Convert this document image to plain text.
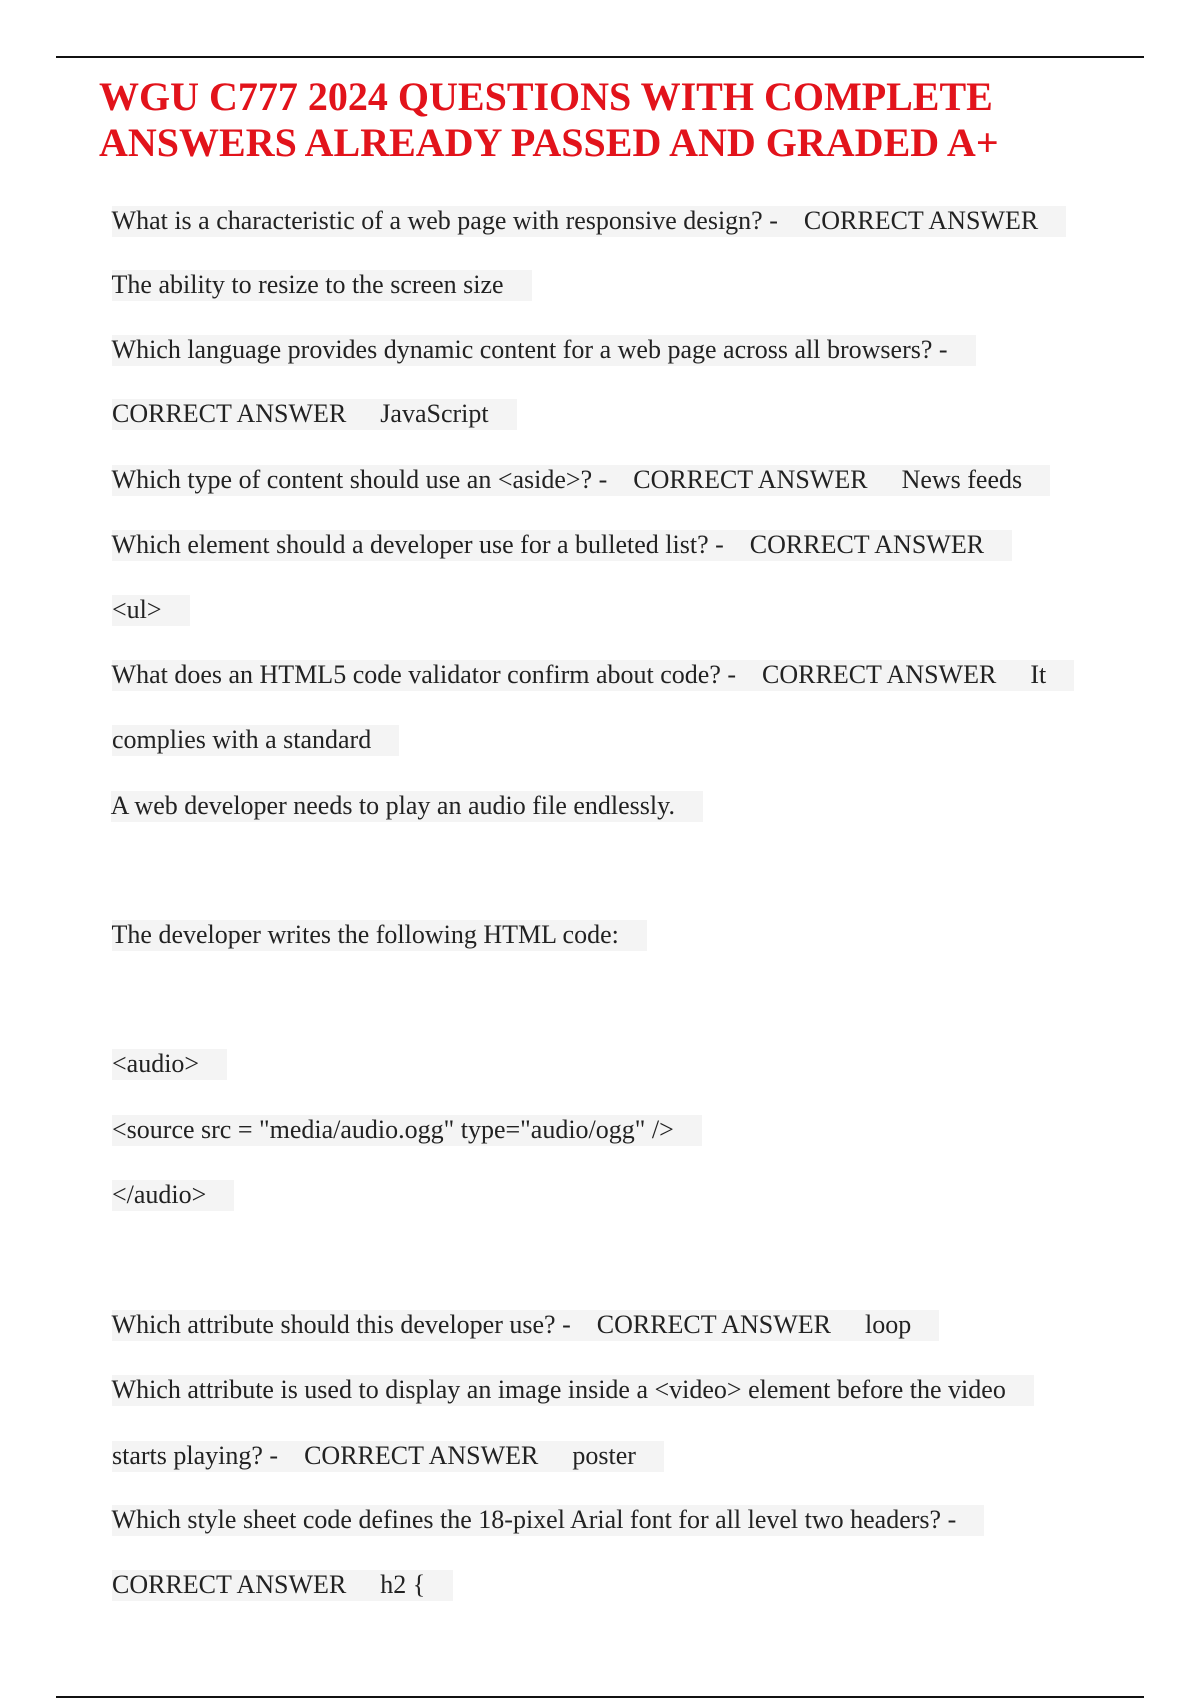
WGU C777 2024 QUESTIONS WITH COMPLETE
ANSWERS ALREADY PASSED AND GRADED A+

What is a characteristic of a web page with responsive design? - CORRECT ANSWER

The ability to resize to the screen size

Which language provides dynamic content for a web page across all browsers? -

CORRECT ANSWER JavaScript

Which type of content should use an <aside>? - CORRECT ANSWER News feeds

Which element should a developer use for a bulleted list? - CORRECT ANSWER

<ul>

What does an HTML5 code validator confirm about code? - CORRECT ANSWER It

complies with a standard

A web developer needs to play an audio file endlessly.

The developer writes the following HTML code:

<audio>

<source src = "media/audio.ogg" type="audio/ogg" />

</audio>

Which attribute should this developer use? - CORRECT ANSWER loop

Which attribute is used to display an image inside a <video> element before the video

starts playing? - CORRECT ANSWER poster

Which style sheet code defines the 18-pixel Arial font for all level two headers? -

CORRECT ANSWER h2 {
